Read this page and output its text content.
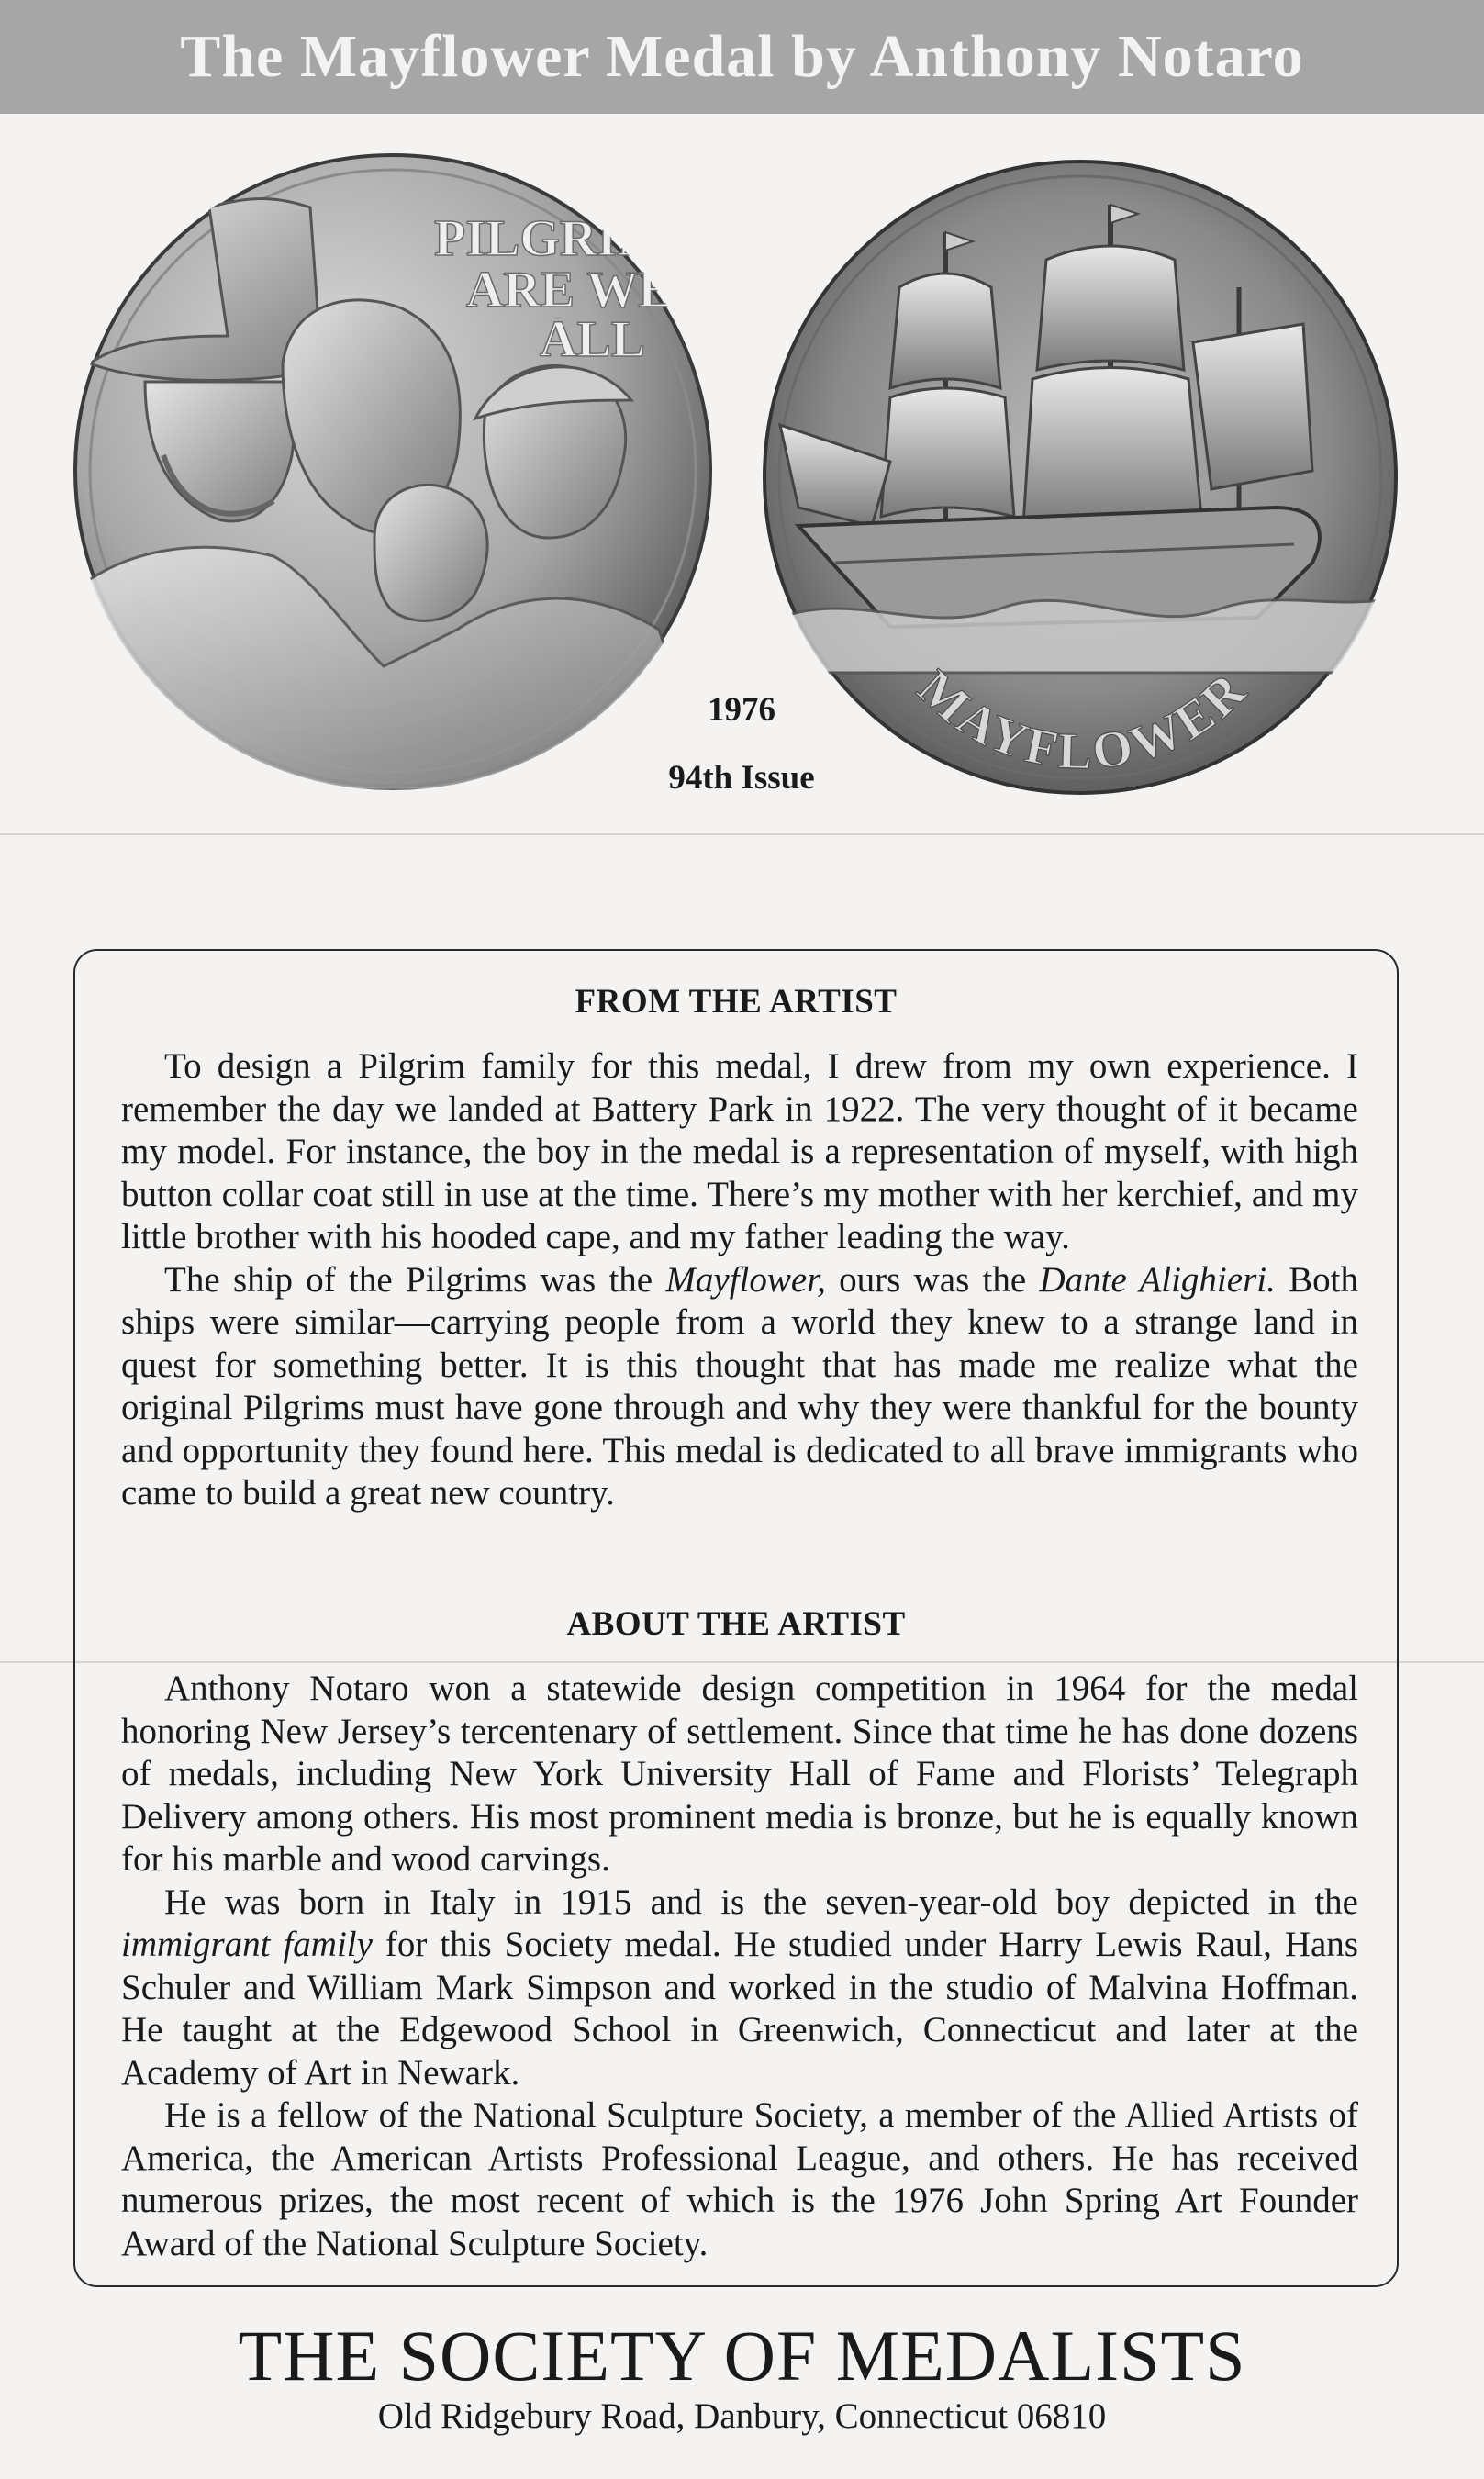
The Mayflower Medal by Anthony Notaro
PILGRIMS
ARE WE
ALL
MAYFLOWER
1976
94th Issue
FROM THE ARTIST

To design a Pilgrim family for this medal, I drew from my own experience. I remember the day we landed at Battery Park in 1922. The very thought of it became my model. For instance, the boy in the medal is a representation of myself, with high button collar coat still in use at the time. There’s my mother with her kerchief, and my little brother with his hooded cape, and my father leading the way.

The ship of the Pilgrims was the Mayflower, ours was the Dante Alighieri. Both ships were similar—carrying people from a world they knew to a strange land in quest for something better. It is this thought that has made me realize what the original Pilgrims must have gone through and why they were thankful for the bounty and opportunity they found here. This medal is dedicated to all brave immigrants who came to build a great new country.

ABOUT THE ARTIST

Anthony Notaro won a statewide design competition in 1964 for the medal honoring New Jersey’s tercentenary of settlement. Since that time he has done dozens of medals, including New York University Hall of Fame and Florists’ Telegraph Delivery among others. His most prominent media is bronze, but he is equally known for his marble and wood carvings.

He was born in Italy in 1915 and is the seven-year-old boy depicted in the immigrant family for this Society medal. He studied under Harry Lewis Raul, Hans Schuler and William Mark Simpson and worked in the studio of Malvina Hoffman. He taught at the Edgewood School in Greenwich, Connecticut and later at the Academy of Art in Newark.

He is a fellow of the National Sculpture Society, a member of the Allied Artists of America, the American Artists Professional League, and others. He has received numerous prizes, the most recent of which is the 1976 John Spring Art Founder Award of the National Sculpture Society.

THE SOCIETY OF MEDALISTS
Old Ridgebury Road, Danbury, Connecticut 06810
